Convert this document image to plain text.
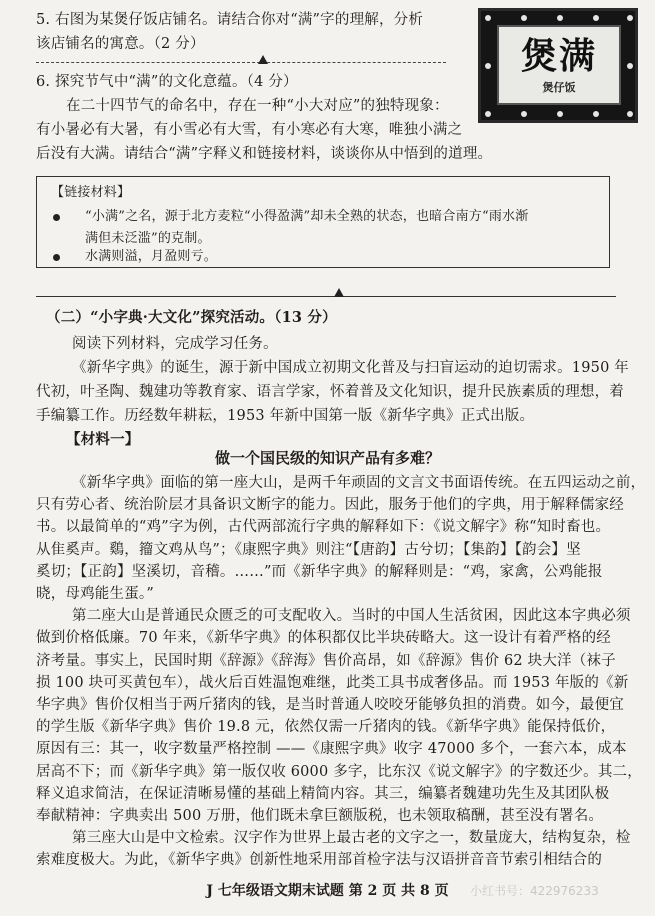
5. 右图为某煲仔饭店铺名。请结合你对“满”字的理解，分析
该店铺名的寓意。（2 分）	煲满
煲仔饭
6. 探究节气中“满”的文化意蕴。（4 分）
在二十四节气的命名中，存在一种“小大对应”的独特现象：
有小暑必有大暑，有小雪必有大雪，有小寒必有大寒，唯独小满之
后没有大满。请结合“满”字释义和链接材料，谈谈你从中悟到的道理。
【链接材料】
“小满”之名，源于北方麦粒“小得盈满”却未全熟的状态，也暗合南方“雨水渐
满但未泛滥”的克制。
水满则溢，月盈则亏。
（二）“小字典·大文化”探究活动。（13 分）
阅读下列材料，完成学习任务。
《新华字典》的诞生，源于新中国成立初期文化普及与扫盲运动的迫切需求。1950 年
代初，叶圣陶、魏建功等教育家、语言学家，怀着普及文化知识，提升民族素质的理想，着
手编纂工作。历经数年耕耘，1953 年新中国第一版《新华字典》正式出版。
【材料一】
做一个国民级的知识产品有多难？
《新华字典》面临的第一座大山，是两千年顽固的文言文书面语传统。在五四运动之前，
只有劳心者、统治阶层才具备识文断字的能力。因此，服务于他们的字典，用于解释儒家经
书。以最简单的“鸡”字为例，古代两部流行字典的解释如下：《说文解字》称“知时畜也。
从隹奚声。鷄，籀文鸡从鸟”；《康熙字典》则注“【唐韵】古兮切；【集韵】【韵会】坚
奚切；【正韵】坚溪切，音稽。……”而《新华字典》的解释则是：“鸡，家禽，公鸡能报
晓，母鸡能生蛋。”
第二座大山是普通民众匮乏的可支配收入。当时的中国人生活贫困，因此这本字典必须
做到价格低廉。70 年来，《新华字典》的体积都仅比半块砖略大。这一设计有着严格的经
济考量。事实上，民国时期《辞源》《辞海》售价高昂，如《辞源》售价 62 块大洋（袜子
损 100 块可买黄包车），战火后百姓温饱难继，此类工具书成奢侈品。而 1953 年版的《新
华字典》售价仅相当于两斤猪肉的钱，是当时普通人咬咬牙能够负担的消费。如今，最便宜
的学生版《新华字典》售价 19.8 元，依然仅需一斤猪肉的钱。《新华字典》能保持低价，
原因有三：其一，收字数量严格控制 ——《康熙字典》收字 47000 多个，一套六本，成本
居高不下；而《新华字典》第一版仅收 6000 多字，比东汉《说文解字》的字数还少。其二，
释义追求简洁，在保证清晰易懂的基础上精简内容。其三，编纂者魏建功先生及其团队极
奉献精神：字典卖出 500 万册，他们既未拿巨额版税，也未领取稿酬，甚至没有署名。
J 七年级语文期末试题 第 2 页 共 8 页	小红书号：422976233
第三座大山是中文检索。汉字作为世界上最古老的文字之一，数量庞大，结构复杂，检
索难度极大。为此，《新华字典》创新性地采用部首检字法与汉语拼音音节索引相结合的
